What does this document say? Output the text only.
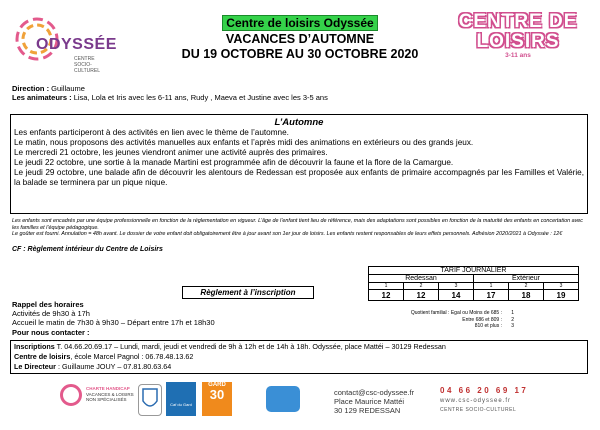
ODYSSÉE
CENTRE
SOCIO-
CULTUREL
Centre de loisirs Odyssée
VACANCES D’AUTOMNE
DU 19 OCTOBRE AU 30 OCTOBRE 2020
CENTRE DE LOISIRS
3-11 ans
Direction : Guillaume
Les animateurs : Lisa, Lola et Iris avec les 6-11 ans, Rudy , Maeva et Justine avec les 3-5 ans
L’Automne
Les enfants participeront à des activités en lien avec le thème de l’automne.
Le matin, nous proposons des activités manuelles aux enfants et l’après midi des animations en extérieurs ou des grands jeux.
Le mercredi 21 octobre, les jeunes viendront animer une activité auprès des primaires.
Le jeudi 22 octobre, une sortie à la manade Martini est programmée afin de découvrir la faune et la flore de la Camargue.
Le jeudi 29 octobre, une balade afin de découvrir les alentours de Redessan est proposée aux enfants de primaire accompagnés par les Familles et Valérie, la balade se terminera par un pique nique.
Les enfants sont encadrés par une équipe professionnelle en fonction de la réglementation en vigueur. L’âge de l’enfant tient lieu de référence, mais des adaptations sont possibles en fonction de la maturité des enfants en concertation avec les familles et l’équipe pédagogique.
Le goûter est fourni. Annulation = 48h avant. Le dossier de votre enfant doit obligatoirement être à jour avant son 1er jour de loisirs. Les enfants restent responsables de leurs effets personnels. Adhésion 2020/2021 à Odyssée : 12€
CF : Règlement intérieur du Centre de Loisirs
TARIF JOURNALIER					
Redessan			Extérieur		
1	2	3	1	2	3
12	12	14	17	18	19
Quotient familial : Egal ou Moins de 685 :	1
Entre 686 et 809 :	2
810 et plus :	3
Règlement à l’inscription
Rappel des horaires
Activités de 9h30 à 17h
Accueil le matin de 7h30 à 9h30 – Départ entre 17h et 18h30
Pour nous contacter :
Inscriptions T. 04.66.20.69.17 – Lundi, mardi, jeudi et vendredi de 9h à 12h et de 14h à 18h. Odyssée, place Mattéi – 30129 Redessan
Centre de loisirs, école Marcel Pagnol : 06.78.48.13.62
Le Directeur : Guillaume JOUY – 07.81.80.63.64
CHARTE HANDICAP
VACANCES & LOISIRS
NON SPÉCIALISÉS
Caf du Gard
GARD
30	contact@csc-odyssee.fr
Place Maurice Mattéi
30 129 REDESSAN
04 66 20 69 17
www.csc-odyssee.fr
CENTRE SOCIO-CULTUREL
